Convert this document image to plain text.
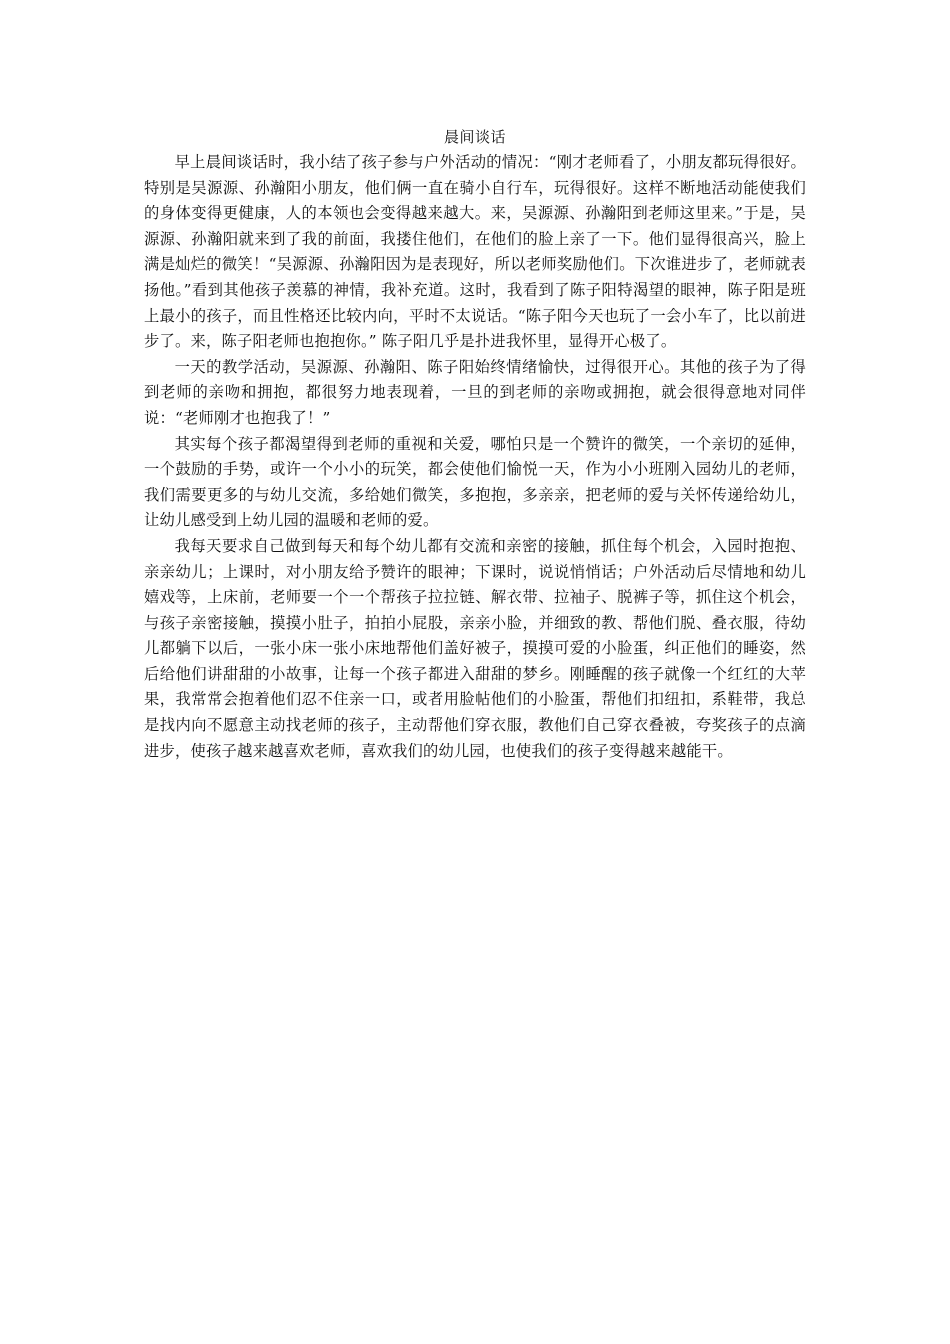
晨间谈话

早上晨间谈话时，我小结了孩子参与户外活动的情况：“刚才老师看了，小朋友都玩得很好。特别是吴源源、孙瀚阳小朋友，他们俩一直在骑小自行车，玩得很好。这样不断地活动能使我们的身体变得更健康，人的本领也会变得越来越大。来，吴源源、孙瀚阳到老师这里来。”于是，吴源源、孙瀚阳就来到了我的前面，我搂住他们，在他们的脸上亲了一下。他们显得很高兴，脸上满是灿烂的微笑！“吴源源、孙瀚阳因为是表现好，所以老师奖励他们。下次谁进步了，老师就表扬他。”看到其他孩子羡慕的神情，我补充道。这时，我看到了陈子阳特渴望的眼神，陈子阳是班上最小的孩子，而且性格还比较内向，平时不太说话。“陈子阳今天也玩了一会小车了，比以前进步了。来，陈子阳老师也抱抱你。” 陈子阳几乎是扑进我怀里，显得开心极了。

一天的教学活动，吴源源、孙瀚阳、陈子阳始终情绪愉快，过得很开心。其他的孩子为了得到老师的亲吻和拥抱，都很努力地表现着，一旦的到老师的亲吻或拥抱，就会很得意地对同伴说：“老师刚才也抱我了！”

其实每个孩子都渴望得到老师的重视和关爱，哪怕只是一个赞许的微笑，一个亲切的延伸，一个鼓励的手势，或许一个小小的玩笑，都会使他们愉悦一天，作为小小班刚入园幼儿的老师，我们需要更多的与幼儿交流，多给她们微笑，多抱抱，多亲亲，把老师的爱与关怀传递给幼儿，让幼儿感受到上幼儿园的温暖和老师的爱。

我每天要求自己做到每天和每个幼儿都有交流和亲密的接触，抓住每个机会，入园时抱抱、亲亲幼儿；上课时，对小朋友给予赞许的眼神；下课时，说说悄悄话；户外活动后尽情地和幼儿嬉戏等，上床前，老师要一个一个帮孩子拉拉链、解衣带、拉袖子、脱裤子等，抓住这个机会，与孩子亲密接触，摸摸小肚子，拍拍小屁股，亲亲小脸，并细致的教、帮他们脱、叠衣服，待幼儿都躺下以后，一张小床一张小床地帮他们盖好被子，摸摸可爱的小脸蛋，纠正他们的睡姿，然后给他们讲甜甜的小故事，让每一个孩子都进入甜甜的梦乡。刚睡醒的孩子就像一个红红的大苹果，我常常会抱着他们忍不住亲一口，或者用脸帖他们的小脸蛋，帮他们扣纽扣，系鞋带，我总是找内向不愿意主动找老师的孩子，主动帮他们穿衣服，教他们自己穿衣叠被，夸奖孩子的点滴进步，使孩子越来越喜欢老师，喜欢我们的幼儿园，也使我们的孩子变得越来越能干。
